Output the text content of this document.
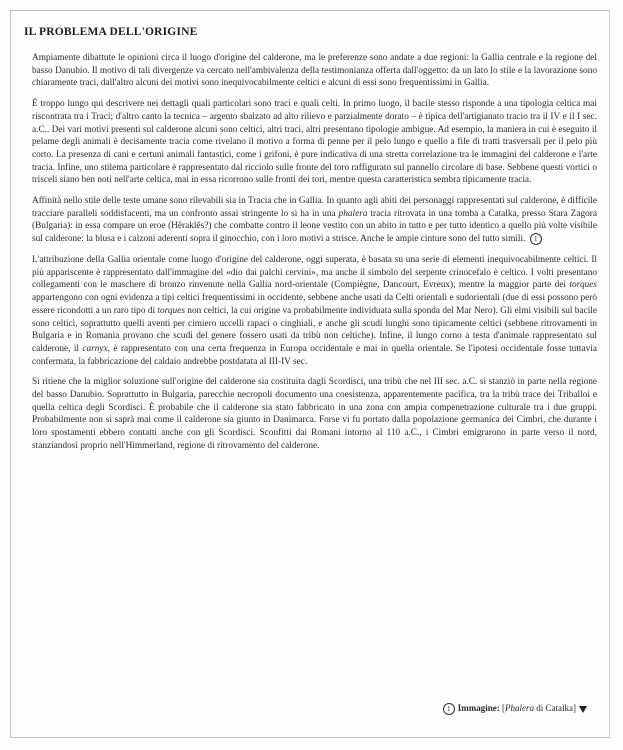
IL PROBLEMA DELL'ORIGINE

Ampiamente dibattute le opinioni circa il luogo d'origine del calderone, ma le preferenze sono andate a due regioni: la Gallia centrale e la regione del basso Danubio. Il motivo di tali divergenze va cercato nell'ambivalenza della testimonianza offerta dall'oggetto: da un lato lo stile e la lavorazione sono chiaramente traci, dall'altro alcuni dei motivi sono inequivocabilmente celtici e alcuni di essi sono frequentissimi in Gallia.

È troppo lungo qui descrivere nei dettagli quali particolari sono traci e quali celti. In primo luogo, il bacile stesso risponde a una tipologia celtica mai riscontrata tra i Traci; d'altro canto la tecnica – argento sbalzato ad alto rilievo e parzialmente dorato – è tipica dell'artigianato tracio tra il IV e il I sec. a.C.. Dei vari motivi presenti sul calderone alcuni sono celtici, altri traci, altri presentano tipologie ambigue. Ad esempio, la maniera in cui è eseguito il pelame degli animali è decisamente tracia come rivelano il motivo a forma di penne per il pelo lungo e quello a file di tratti trasversali per il pelo più corto. La presenza di cani e certuni animali fantastici, come i grifoni, è pure indicativa di una stretta correlazione tra le immagini del calderone e l'arte tracia. Infine, uno stilema particolare è rappresentato dal ricciolo sulle fronte del toro raffigurato sul pannello circolare di base. Sebbene questi vortici o trisceli siano ben noti nell'arte celtica, mai in essa ricorrono sulle fronti dei tori, mentre questa caratteristica sembra tipicamente tracia.

Affinità nello stile delle teste umane sono rilevabili sia in Tracia che in Gallia. In quanto agli abiti dei personaggi rappresentati sul calderone, è difficile tracciare paralleli soddisfacenti, ma un confronto assai stringente lo si ha in una phalera tracia ritrovata in una tomba a Catalka, presso Stara Zagora (Bulgaria): in essa compare un eroe (Hêraklês?) che combatte contro il leone vestito con un abito in tutto e per tutto identico a quello più volte visibile sul calderone: la blusa e i calzoni aderenti sopra il ginocchio, con i loro motivi a strisce. Anche le ampie cinture sono del tutto simili. 1

L'attribuzione della Gallia orientale come luogo d'origine del calderone, oggi superata, è basata su una serie di elementi inequivocabilmente celtici. Il più appariscente è rappresentato dall'immagine del «dio dai palchi cervini», ma anche il simbolo del serpente crinocefalo è celtico. I volti presentano collegamenti con le maschere di bronzo rinvenute nella Gallia nord-orientale (Compiègne, Dancourt, Evreux), mentre la maggior parte dei torques appartengono con ogni evidenza a tipi celtici frequentissimi in occidente, sebbene anche usati da Celti orientali e sudorientali (due di essi possono però essere ricondotti a un raro tipo di torques non celtici, la cui origine va probabilmente individuata sulla sponda del Mar Nero). Gli elmi visibili sul bacile sono celtici, soprattutto quelli aventi per cimiero uccelli rapaci o cinghiali, e anche gli scudi lunghi sono tipicamente celtici (sebbene ritrovamenti in Bulgaria e in Romania provano che scudi del genere fossero usati da tribù non celtiche). Infine, il lungo corno a testa d'animale rappresentato sul calderone, il carnyx, è rappresentato con una certa frequenza in Europa occidentale e mai in quella orientale. Se l'ipotesi occidentale fosse tuttavia confermata, la fabbricazione del caldaio andrebbe postdatata al III-IV sec.

Si ritiene che la miglior soluzione sull'origine del calderone sia costituita dagli Scordisci, una tribù che nel III sec. a.C. si stanziò in parte nella regione del basso Danubio. Soprattutto in Bulgaria, parecchie necropoli documento una coesistenza, apparentemente pacifica, tra la tribù trace dei Triballoi e quella celtica degli Scordisci. È probabile che il calderone sia stato fabbricato in una zona con ampia compenetrazione culturale tra i due gruppi. Probabilmente non si saprà mai come il calderone sia giunto in Danimarca. Forse vi fu portato dalla popolazione germanica dei Cimbri, che durante i loro spostamenti ebbero contatti anche con gli Scordisci. Sconfitti dai Romani intorno al 110 a.C., i Cimbri emigrarono in parte verso il nord, stanziandosi proprio nell'Himmerland, regione di ritrovamento del calderone.

1 Immagine: [Phalera di Catalka]
